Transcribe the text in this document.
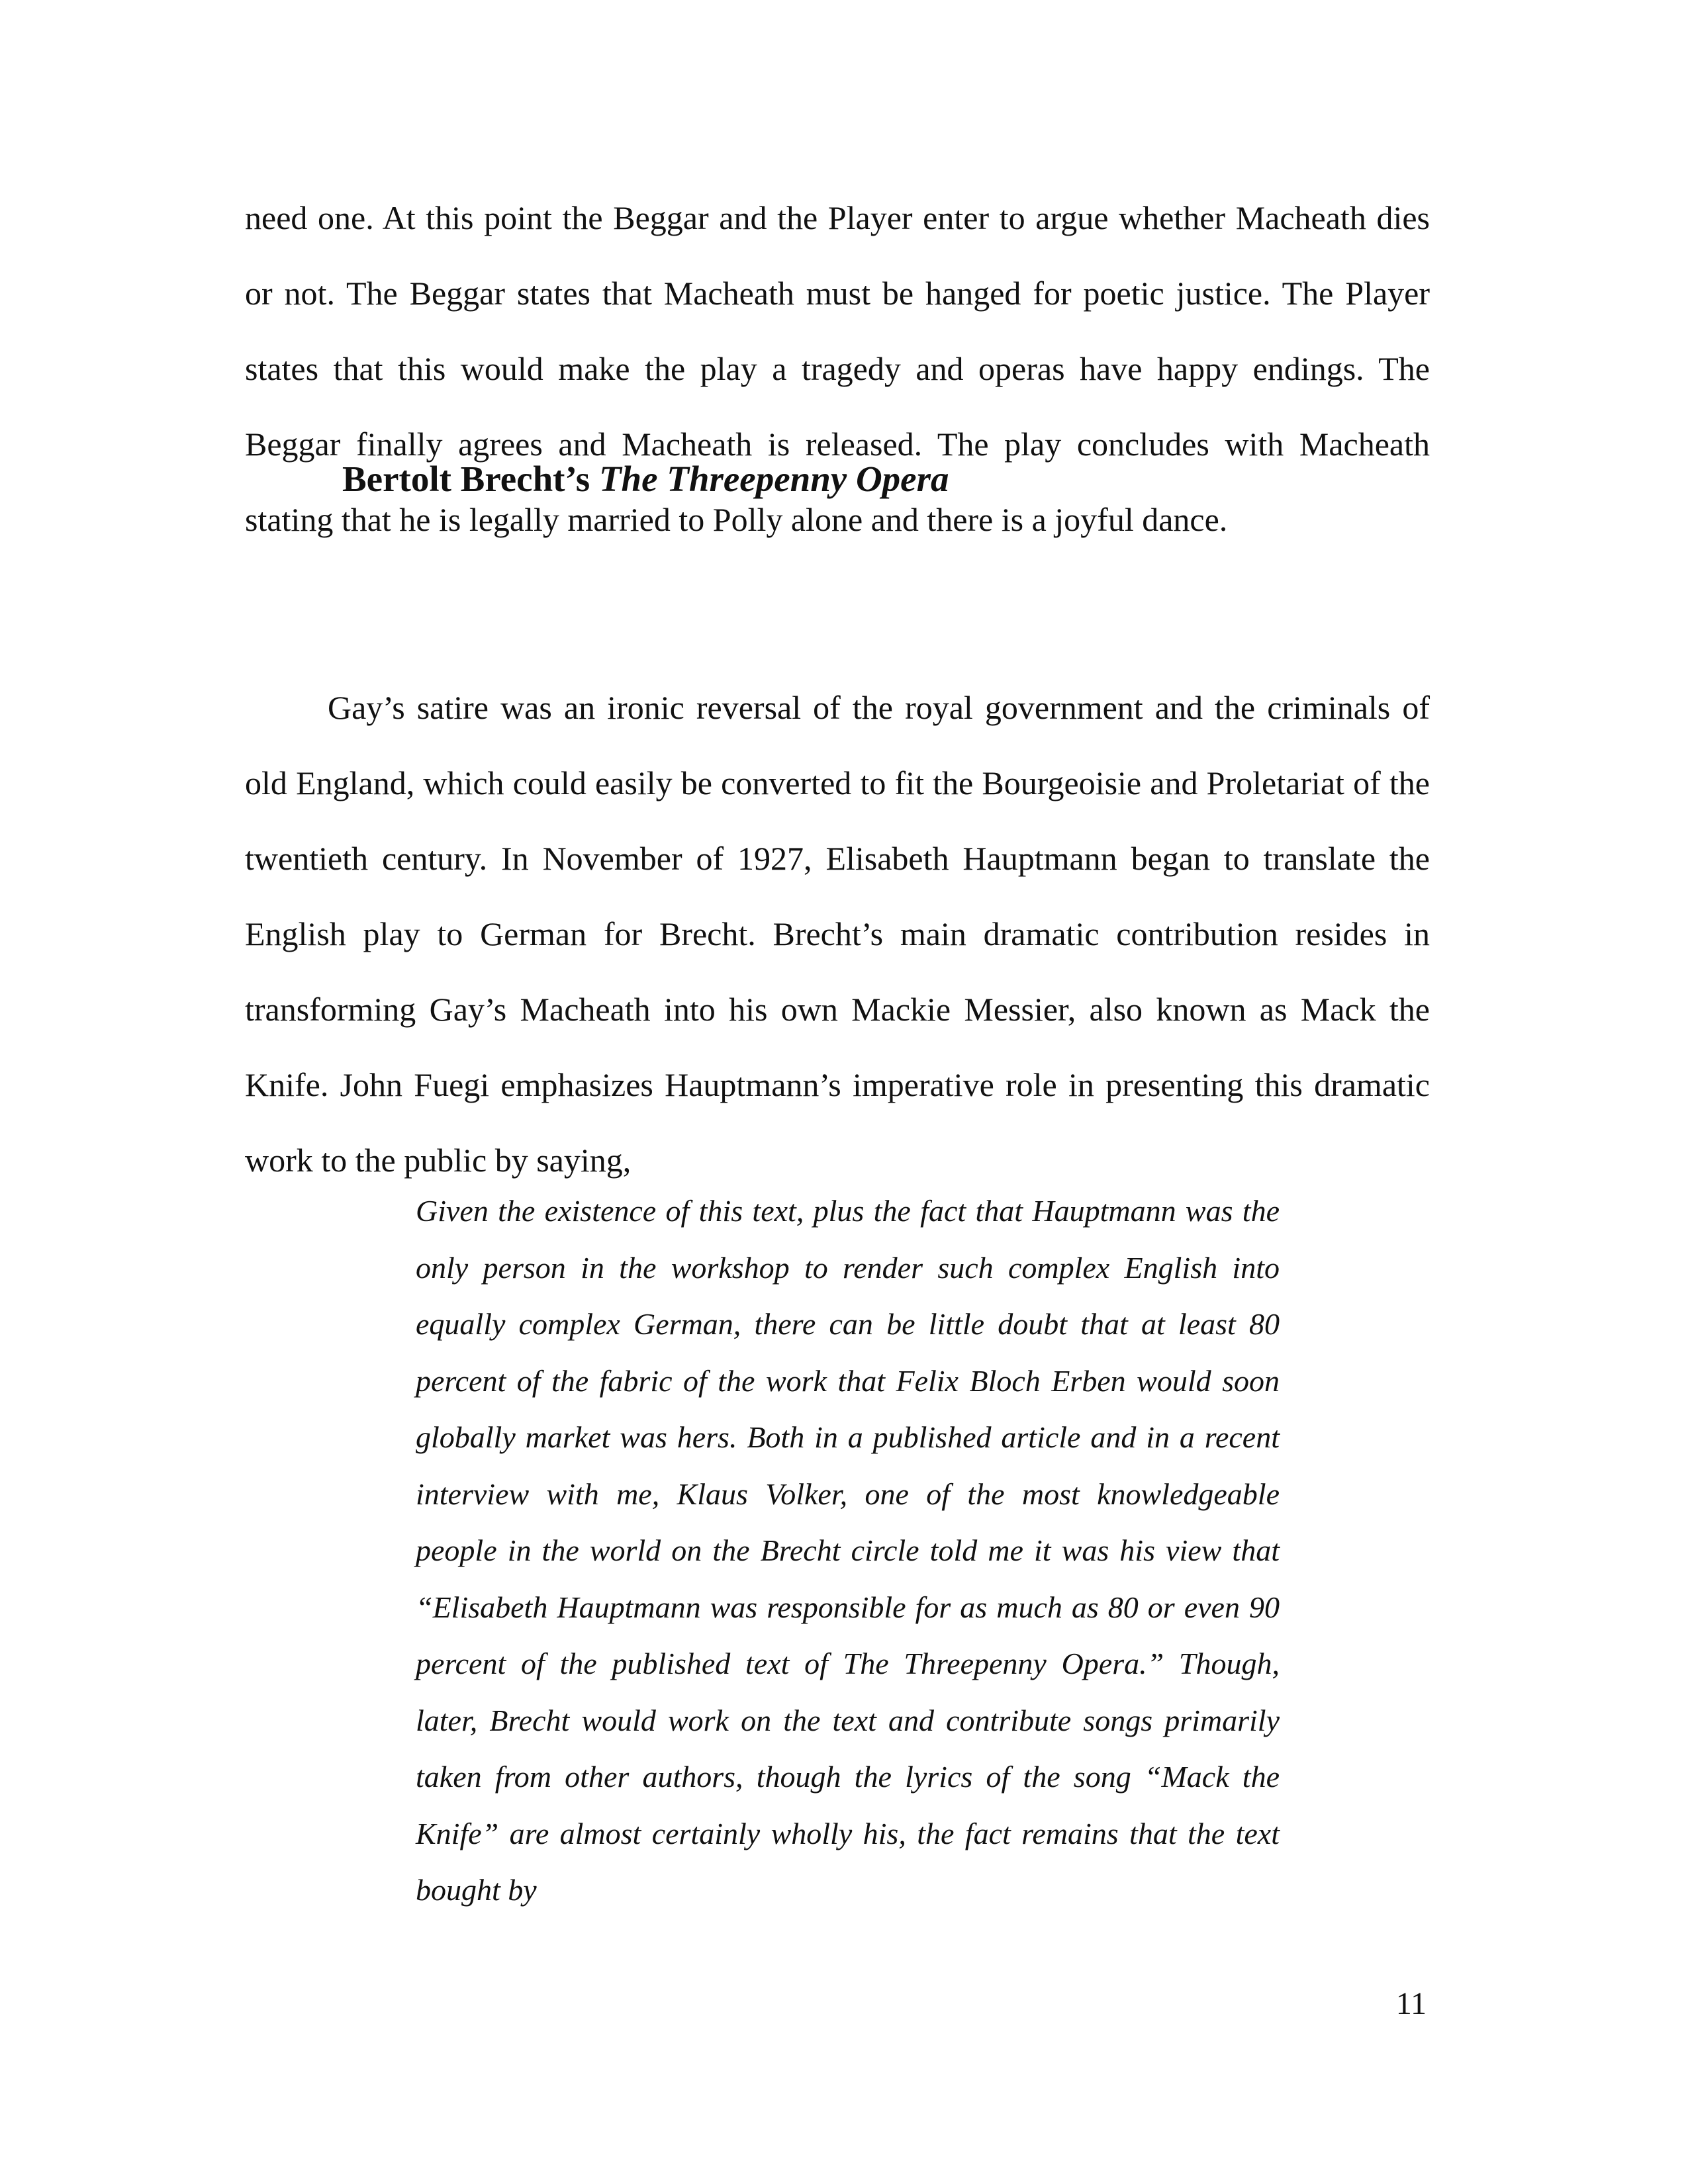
need one. At this point the Beggar and the Player enter to argue whether Macheath dies or not. The Beggar states that Macheath must be hanged for poetic justice. The Player states that this would make the play a tragedy and operas have happy endings. The Beggar finally agrees and Macheath is released. The play concludes with Macheath stating that he is legally married to Polly alone and there is a joyful dance.

Bertolt Brecht’s The Threepenny Opera

Gay’s satire was an ironic reversal of the royal government and the criminals of old England, which could easily be converted to fit the Bourgeoisie and Proletariat of the twentieth century. In November of 1927, Elisabeth Hauptmann began to translate the English play to German for Brecht. Brecht’s main dramatic contribution resides in transforming Gay’s Macheath into his own Mackie Messier, also known as Mack the Knife. John Fuegi emphasizes Hauptmann’s imperative role in presenting this dramatic work to the public by saying,

Given the existence of this text, plus the fact that Hauptmann was the only person in the workshop to render such complex English into equally complex German, there can be little doubt that at least 80 percent of the fabric of the work that Felix Bloch Erben would soon globally market was hers. Both in a published article and in a recent interview with me, Klaus Volker, one of the most knowledgeable people in the world on the Brecht circle told me it was his view that “Elisabeth Hauptmann was responsible for as much as 80 or even 90 percent of the published text of The Threepenny Opera.” Though, later, Brecht would work on the text and contribute songs primarily taken from other authors, though the lyrics of the song “Mack the Knife” are almost certainly wholly his, the fact remains that the text bought by

11
